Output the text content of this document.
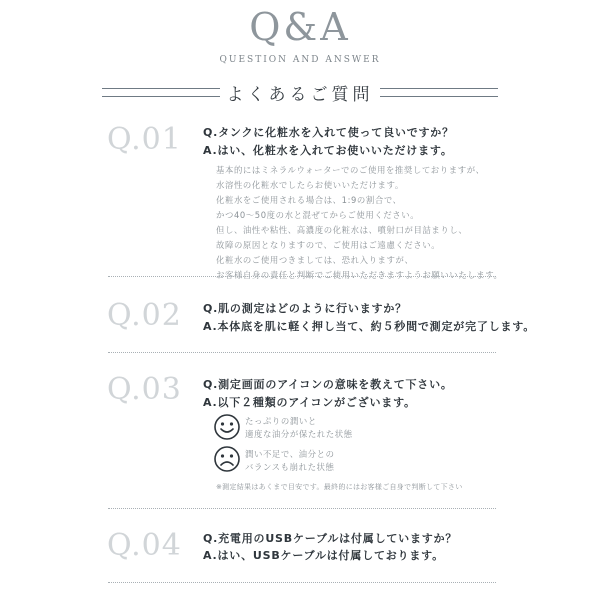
Q&A
QUESTION AND ANSWER
よくあるご質問
Q.01 Q.タンクに化粧水を入れて使って良いですか？
A.はい、化粧水を入れてお使いいただけます。
基本的にはミネラルウォーターでのご使用を推奨しておりますが、
水溶性の化粧水でしたらお使いいただけます。
化粧水をご使用される場合は、1:9の割合で、
かつ40〜50度の水と混ぜてからご使用ください。
但し、油性や粘性、高濃度の化粧水は、噴射口が目詰まりし、
故障の原因となりますので、ご使用はご遠慮ください。
化粧水のご使用つきましては、恐れ入りますが、
お客様自身の責任と判断でご使用いただきますようお願いいたします。
Q.02 Q.肌の測定はどのように行いますか？
A.本体底を肌に軽く押し当て、約５秒間で測定が完了します。
Q.03 Q.測定画面のアイコンの意味を教えて下さい。
A.以下２種類のアイコンがございます。
たっぷりの潤いと
適度な油分が保たれた状態
潤い不足で、油分との
バランスも崩れた状態
※測定結果はあくまで目安です。最終的にはお客様ご自身で判断して下さい
Q.04 Q.充電用のUSBケーブルは付属していますか？
A.はい、USBケーブルは付属しております。
